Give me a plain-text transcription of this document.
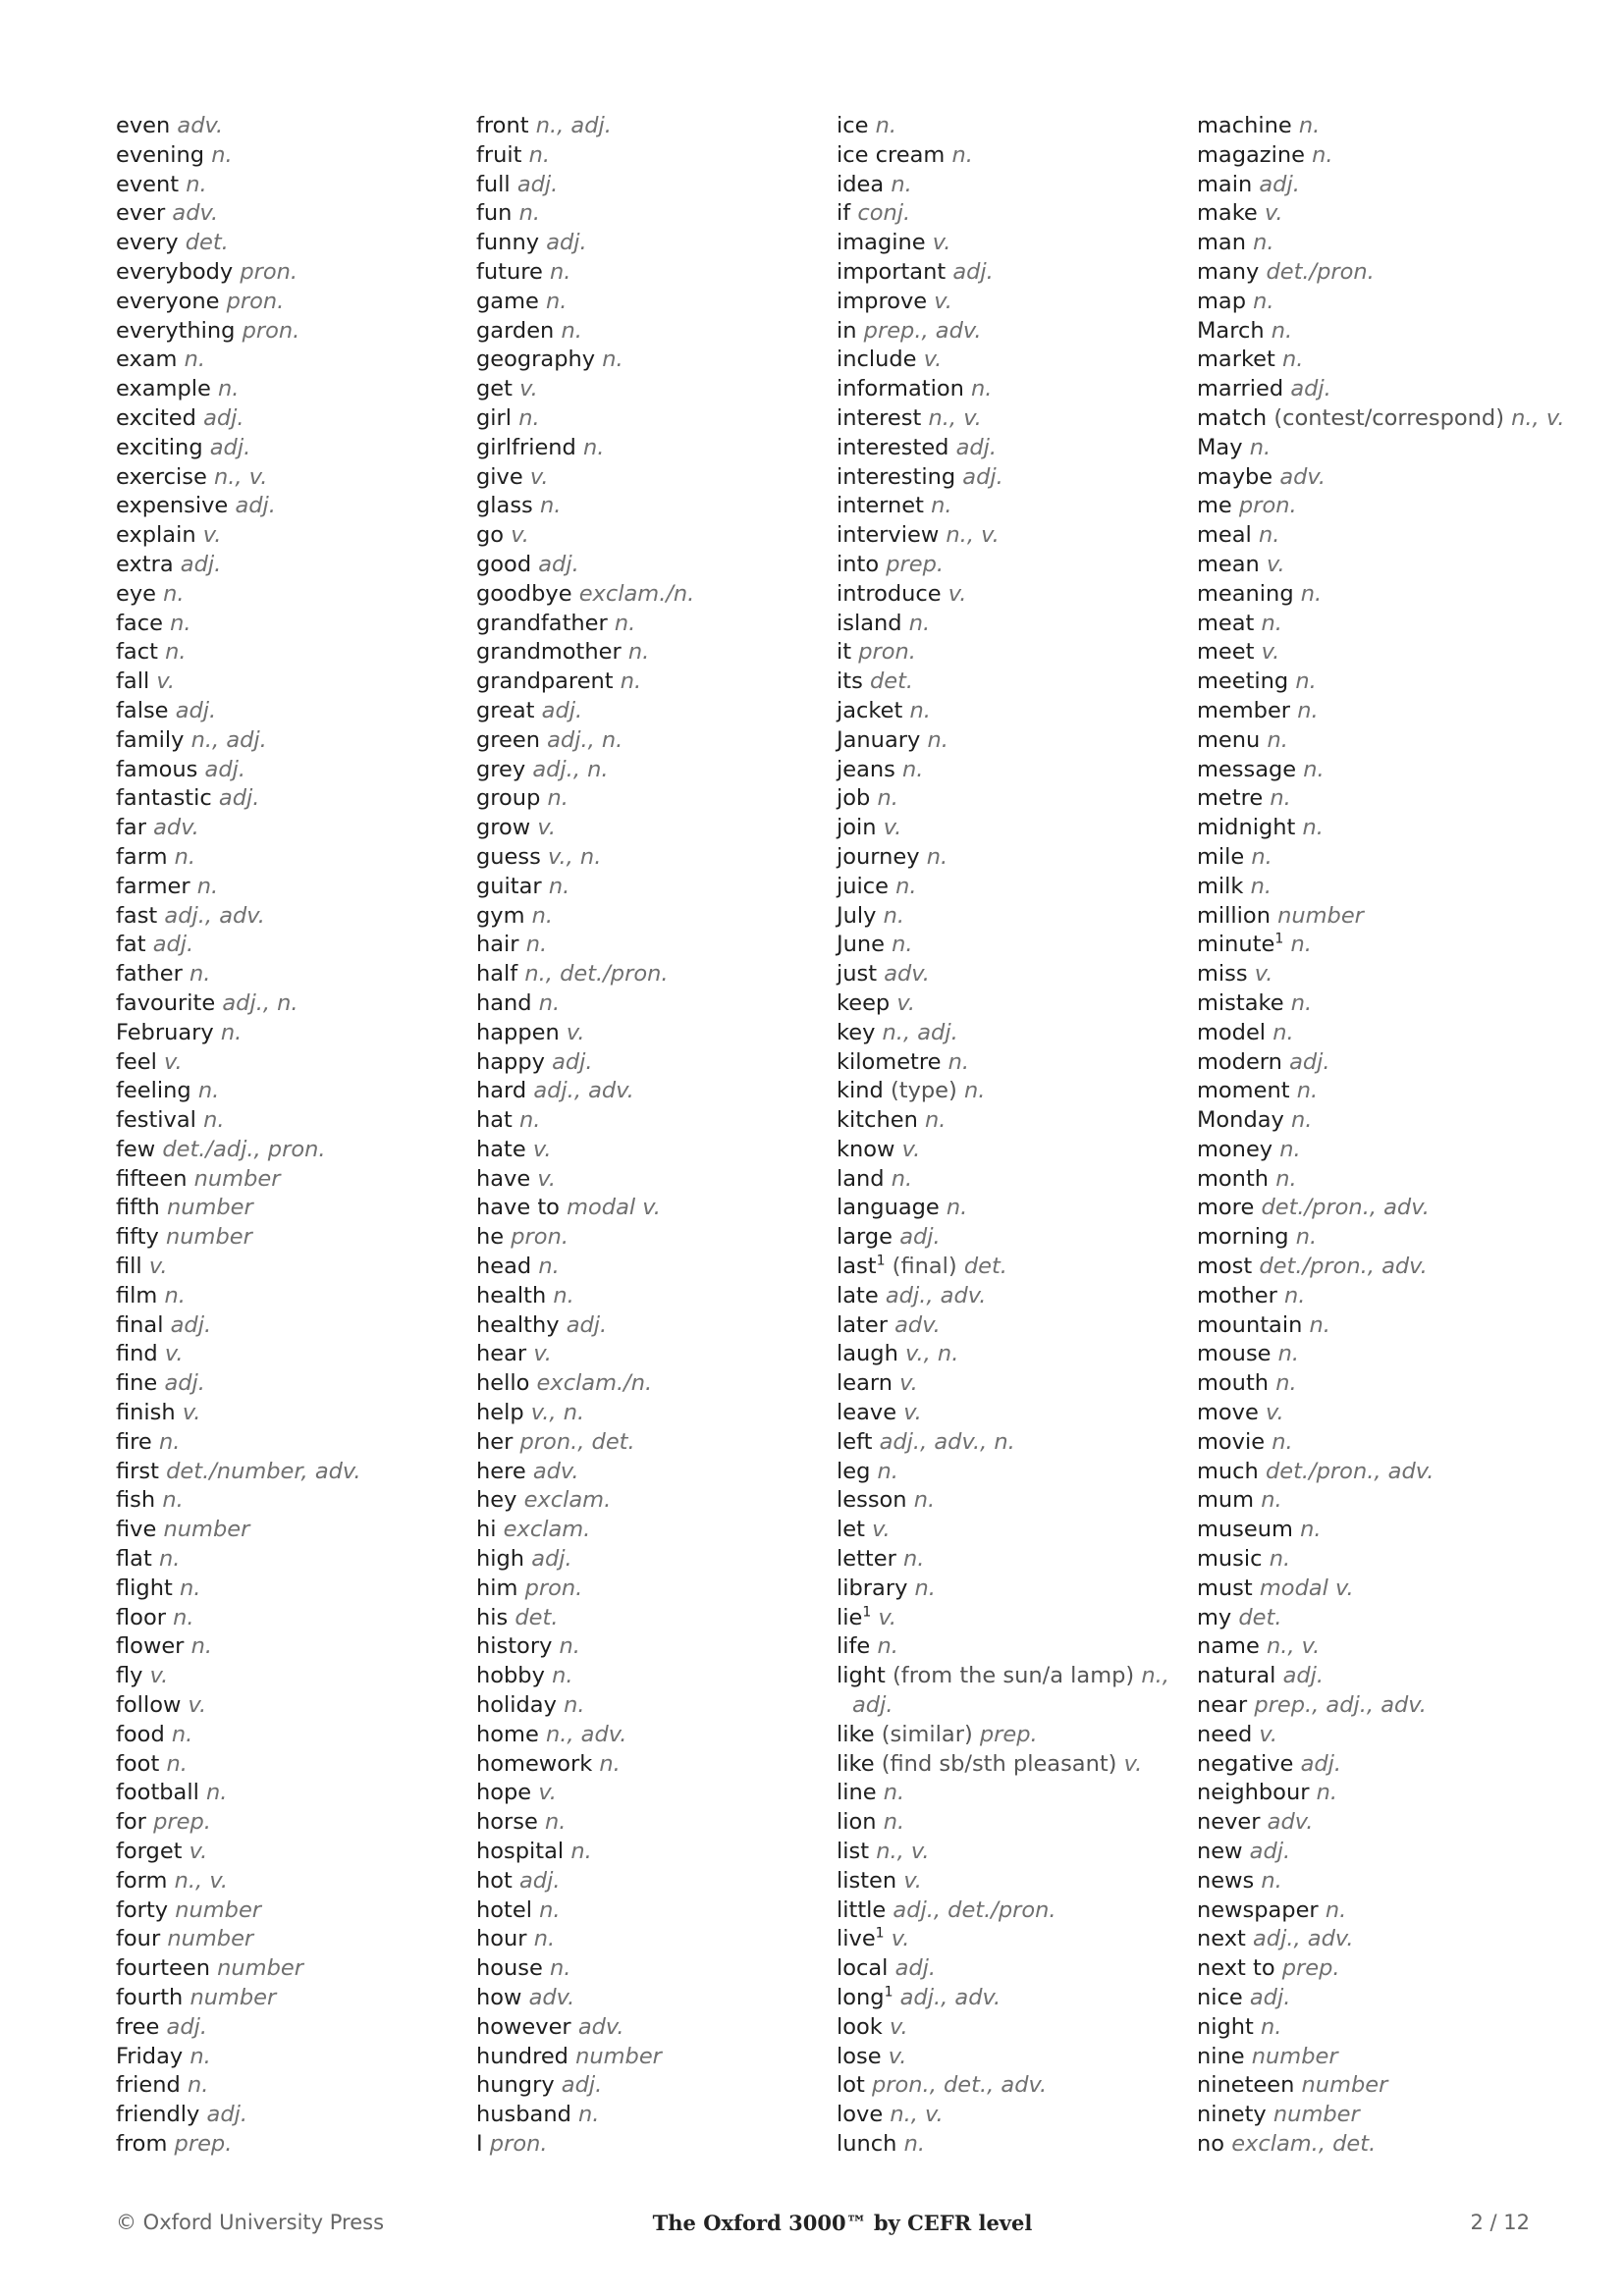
even adv.
evening n.
event n.
ever adv.
every det.
everybody pron.
everyone pron.
everything pron.
exam n.
example n.
excited adj.
exciting adj.
exercise n., v.
expensive adj.
explain v.
extra adj.
eye n.
face n.
fact n.
fall v.
false adj.
family n., adj.
famous adj.
fantastic adj.
far adv.
farm n.
farmer n.
fast adj., adv.
fat adj.
father n.
favourite adj., n.
February n.
feel v.
feeling n.
festival n.
few det./adj., pron.
fifteen number
fifth number
fifty number
fill v.
film n.
final adj.
find v.
fine adj.
finish v.
fire n.
first det./number, adv.
fish n.
five number
flat n.
flight n.
floor n.
flower n.
fly v.
follow v.
food n.
foot n.
football n.
for prep.
forget v.
form n., v.
forty number
four number
fourteen number
fourth number
free adj.
Friday n.
friend n.
friendly adj.
from prep.
front n., adj.
fruit n.
full adj.
fun n.
funny adj.
future n.
game n.
garden n.
geography n.
get v.
girl n.
girlfriend n.
give v.
glass n.
go v.
good adj.
goodbye exclam./n.
grandfather n.
grandmother n.
grandparent n.
great adj.
green adj., n.
grey adj., n.
group n.
grow v.
guess v., n.
guitar n.
gym n.
hair n.
half n., det./pron.
hand n.
happen v.
happy adj.
hard adj., adv.
hat n.
hate v.
have v.
have to modal v.
he pron.
head n.
health n.
healthy adj.
hear v.
hello exclam./n.
help v., n.
her pron., det.
here adv.
hey exclam.
hi exclam.
high adj.
him pron.
his det.
history n.
hobby n.
holiday n.
home n., adv.
homework n.
hope v.
horse n.
hospital n.
hot adj.
hotel n.
hour n.
house n.
how adv.
however adv.
hundred number
hungry adj.
husband n.
I pron.
ice n.
ice cream n.
idea n.
if conj.
imagine v.
important adj.
improve v.
in prep., adv.
include v.
information n.
interest n., v.
interested adj.
interesting adj.
internet n.
interview n., v.
into prep.
introduce v.
island n.
it pron.
its det.
jacket n.
January n.
jeans n.
job n.
join v.
journey n.
juice n.
July n.
June n.
just adv.
keep v.
key n., adj.
kilometre n.
kind (type) n.
kitchen n.
know v.
land n.
language n.
large adj.
last$^1$ (final) det.
late adj., adv.
later adv.
laugh v., n.
learn v.
leave v.
left adj., adv., n.
leg n.
lesson n.
let v.
letter n.
library n.
lie$^1$ v.
life n.
light (from the sun/a lamp) n., adj.
like (similar) prep.
like (find sb/sth pleasant) v.
line n.
lion n.
list n., v.
listen v.
little adj., det./pron.
live$^1$ v.
local adj.
long$^1$ adj., adv.
look v.
lose v.
lot pron., det., adv.
love n., v.
lunch n.
machine n.
magazine n.
main adj.
make v.
man n.
many det./pron.
map n.
March n.
market n.
married adj.
match (contest/correspond) n., v.
May n.
maybe adv.
me pron.
meal n.
mean v.
meaning n.
meat n.
meet v.
meeting n.
member n.
menu n.
message n.
metre n.
midnight n.
mile n.
milk n.
million number
minute$^1$ n.
miss v.
mistake n.
model n.
modern adj.
moment n.
Monday n.
money n.
month n.
more det./pron., adv.
morning n.
most det./pron., adv.
mother n.
mountain n.
mouse n.
mouth n.
move v.
movie n.
much det./pron., adv.
mum n.
museum n.
music n.
must modal v.
my det.
name n., v.
natural adj.
near prep., adj., adv.
need v.
negative adj.
neighbour n.
never adv.
new adj.
news n.
newspaper n.
next adj., adv.
next to prep.
nice adj.
night n.
nine number
nineteen number
ninety number
no exclam., det.
© Oxford University Press	The Oxford 3000™ by CEFR level	2 / 12
